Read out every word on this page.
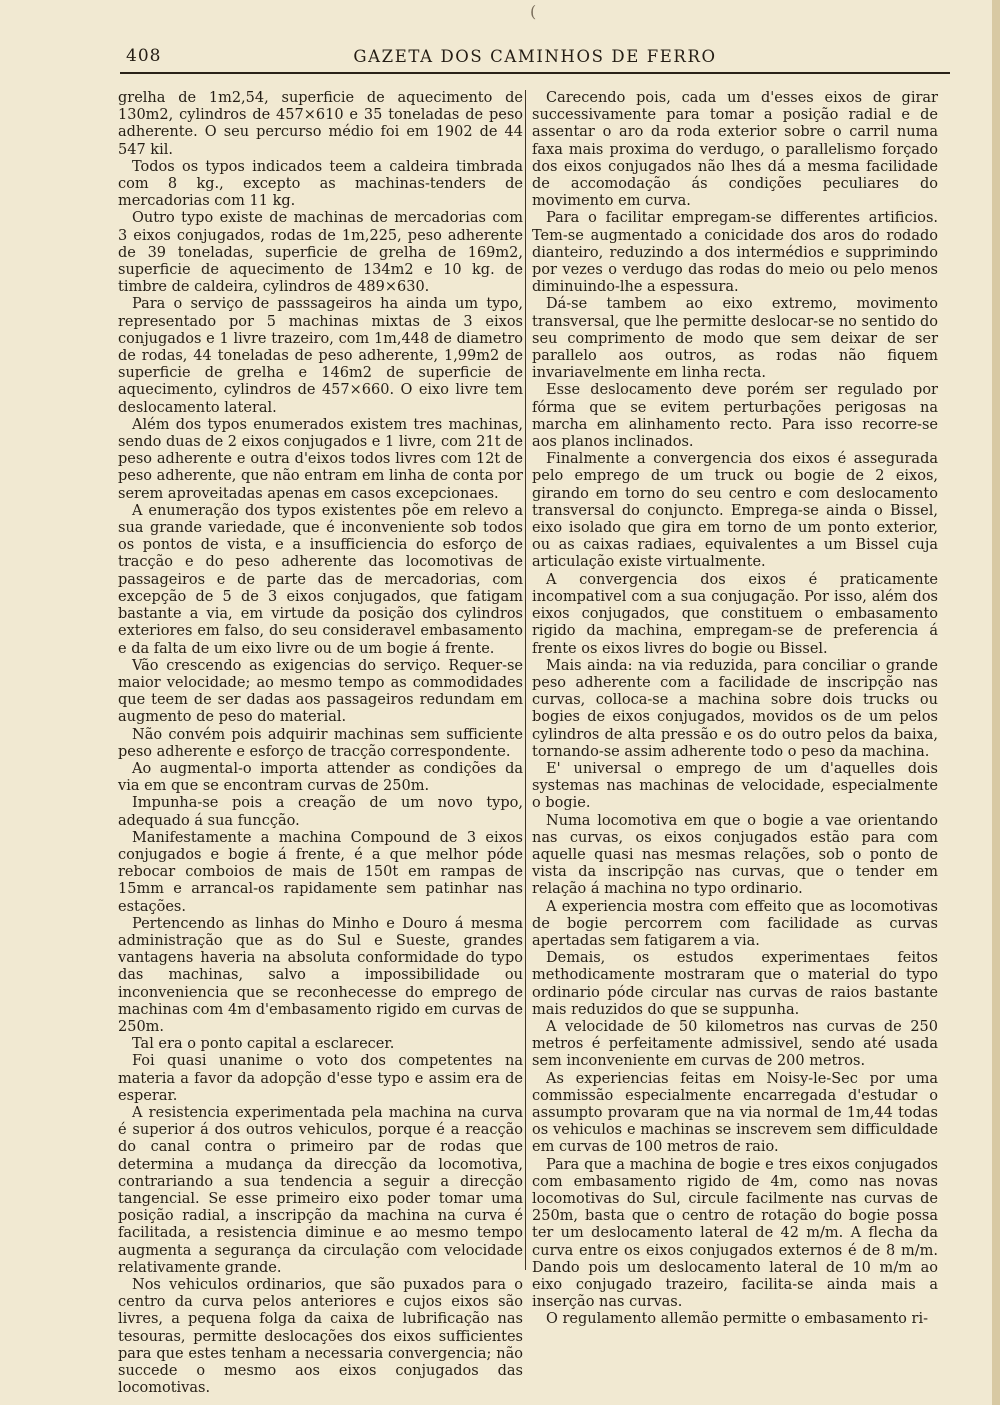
(
408	GAZETA DOS CAMINHOS DE FERRO

grelha de 1m2,54, superficie de aquecimento de 130m2, cylindros de 457×610 e 35 toneladas de peso adherente. O seu percurso médio foi em 1902 de 44 547 kil.

Todos os typos indicados teem a caldeira timbrada com 8 kg., excepto as machinas-tenders de mercadorias com 11 kg.

Outro typo existe de machinas de mercadorias com 3 eixos conjugados, rodas de 1m,225, peso adherente de 39 toneladas, superficie de grelha de 169m2, superficie de aquecimento de 134m2 e 10 kg. de timbre de caldeira, cylindros de 489×630.

Para o serviço de passsageiros ha ainda um typo, representado por 5 machinas mixtas de 3 eixos conjugados e 1 livre trazeiro, com 1m,448 de diametro de rodas, 44 toneladas de peso adherente, 1,99m2 de superficie de grelha e 146m2 de superficie de aquecimento, cylindros de 457×660. O eixo livre tem deslocamento lateral.

Além dos typos enumerados existem tres machinas, sendo duas de 2 eixos conjugados e 1 livre, com 21t de peso adherente e outra d'eixos todos livres com 12t de peso adherente, que não entram em linha de conta por serem aproveitadas apenas em casos excepcionaes.

A enumeração dos typos existentes põe em relevo a sua grande variedade, que é inconveniente sob todos os pontos de vista, e a insufficiencia do esforço de tracção e do peso adherente das locomotivas de passageiros e de parte das de mercadorias, com excepção de 5 de 3 eixos conjugados, que fatigam bastante a via, em virtude da posição dos cylindros exteriores em falso, do seu consideravel embasamento e da falta de um eixo livre ou de um bogie á frente.

Vão crescendo as exigencias do serviço. Requer-se maior velocidade; ao mesmo tempo as commodidades que teem de ser dadas aos passageiros redundam em augmento de peso do material.

Não convém pois adquirir machinas sem sufficiente peso adherente e esforço de tracção correspondente.

Ao augmental-o importa attender as condições da via em que se encontram curvas de 250m.

Impunha-se pois a creação de um novo typo, adequado á sua funcção.

Manifestamente a machina Compound de 3 eixos conjugados e bogie á frente, é a que melhor póde rebocar comboios de mais de 150t em rampas de 15mm e arrancal-os rapidamente sem patinhar nas estações.

Pertencendo as linhas do Minho e Douro á mesma administração que as do Sul e Sueste, grandes vantagens haveria na absoluta conformidade do typo das machinas, salvo a impossibilidade ou inconveniencia que se reconhecesse do emprego de machinas com 4m d'embasamento rigido em curvas de 250m.

Tal era o ponto capital a esclarecer.

Foi quasi unanime o voto dos competentes na materia a favor da adopção d'esse typo e assim era de esperar.

A resistencia experimentada pela machina na curva é superior á dos outros vehiculos, porque é a reacção do canal contra o primeiro par de rodas que determina a mudança da direcção da locomotiva, contrariando a sua tendencia a seguir a direcção tangencial. Se esse primeiro eixo poder tomar uma posição radial, a inscripção da machina na curva é facilitada, a resistencia diminue e ao mesmo tempo augmenta a segurança da circulação com velocidade relativamente grande.

Nos vehiculos ordinarios, que são puxados para o centro da curva pelos anteriores e cujos eixos são livres, a pequena folga da caixa de lubrificação nas tesouras, permitte deslocações dos eixos sufficientes para que estes tenham a necessaria convergencia; não succede o mesmo aos eixos conjugados das locomotivas.

Carecendo pois, cada um d'esses eixos de girar successivamente para tomar a posição radial e de assentar o aro da roda exterior sobre o carril numa faxa mais proxima do verdugo, o parallelismo forçado dos eixos conjugados não lhes dá a mesma facilidade de accomodação ás condições peculiares do movimento em curva.

Para o facilitar empregam-se differentes artificios. Tem-se augmentado a conicidade dos aros do rodado dianteiro, reduzindo a dos intermédios e supprimindo por vezes o verdugo das rodas do meio ou pelo menos diminuindo-lhe a espessura.

Dá-se tambem ao eixo extremo, movimento transversal, que lhe permitte deslocar-se no sentido do seu comprimento de modo que sem deixar de ser parallelo aos outros, as rodas não fiquem invariavelmente em linha recta.

Esse deslocamento deve porém ser regulado por fórma que se evitem perturbações perigosas na marcha em alinhamento recto. Para isso recorre-se aos planos inclinados.

Finalmente a convergencia dos eixos é assegurada pelo emprego de um truck ou bogie de 2 eixos, girando em torno do seu centro e com deslocamento transversal do conjuncto. Emprega-se ainda o Bissel, eixo isolado que gira em torno de um ponto exterior, ou as caixas radiaes, equivalentes a um Bissel cuja articulação existe virtualmente.

A convergencia dos eixos é praticamente incompativel com a sua conjugação. Por isso, além dos eixos conjugados, que constituem o embasamento rigido da machina, empregam-se de preferencia á frente os eixos livres do bogie ou Bissel.

Mais ainda: na via reduzida, para conciliar o grande peso adherente com a facilidade de inscripção nas curvas, colloca-se a machina sobre dois trucks ou bogies de eixos conjugados, movidos os de um pelos cylindros de alta pressão e os do outro pelos da baixa, tornando-se assim adherente todo o peso da machina.

E' universal o emprego de um d'aquelles dois systemas nas machinas de velocidade, especialmente o bogie.

Numa locomotiva em que o bogie a vae orientando nas curvas, os eixos conjugados estão para com aquelle quasi nas mesmas relações, sob o ponto de vista da inscripção nas curvas, que o tender em relação á machina no typo ordinario.

A experiencia mostra com effeito que as locomotivas de bogie percorrem com facilidade as curvas apertadas sem fatigarem a via.

Demais, os estudos experimentaes feitos methodicamente mostraram que o material do typo ordinario póde circular nas curvas de raios bastante mais reduzidos do que se suppunha.

A velocidade de 50 kilometros nas curvas de 250 metros é perfeitamente admissivel, sendo até usada sem inconveniente em curvas de 200 metros.

As experiencias feitas em Noisy-le-Sec por uma commissão especialmente encarregada d'estudar o assumpto provaram que na via normal de 1m,44 todas os vehiculos e machinas se inscrevem sem difficuldade em curvas de 100 metros de raio.

Para que a machina de bogie e tres eixos conjugados com embasamento rigido de 4m, como nas novas locomotivas do Sul, circule facilmente nas curvas de 250m, basta que o centro de rotação do bogie possa ter um deslocamento lateral de 42 m/m. A flecha da curva entre os eixos conjugados externos é de 8 m/m. Dando pois um deslocamento lateral de 10 m/m ao eixo conjugado trazeiro, facilita-se ainda mais a inserção nas curvas.

O regulamento allemão permitte o embasamento ri-
